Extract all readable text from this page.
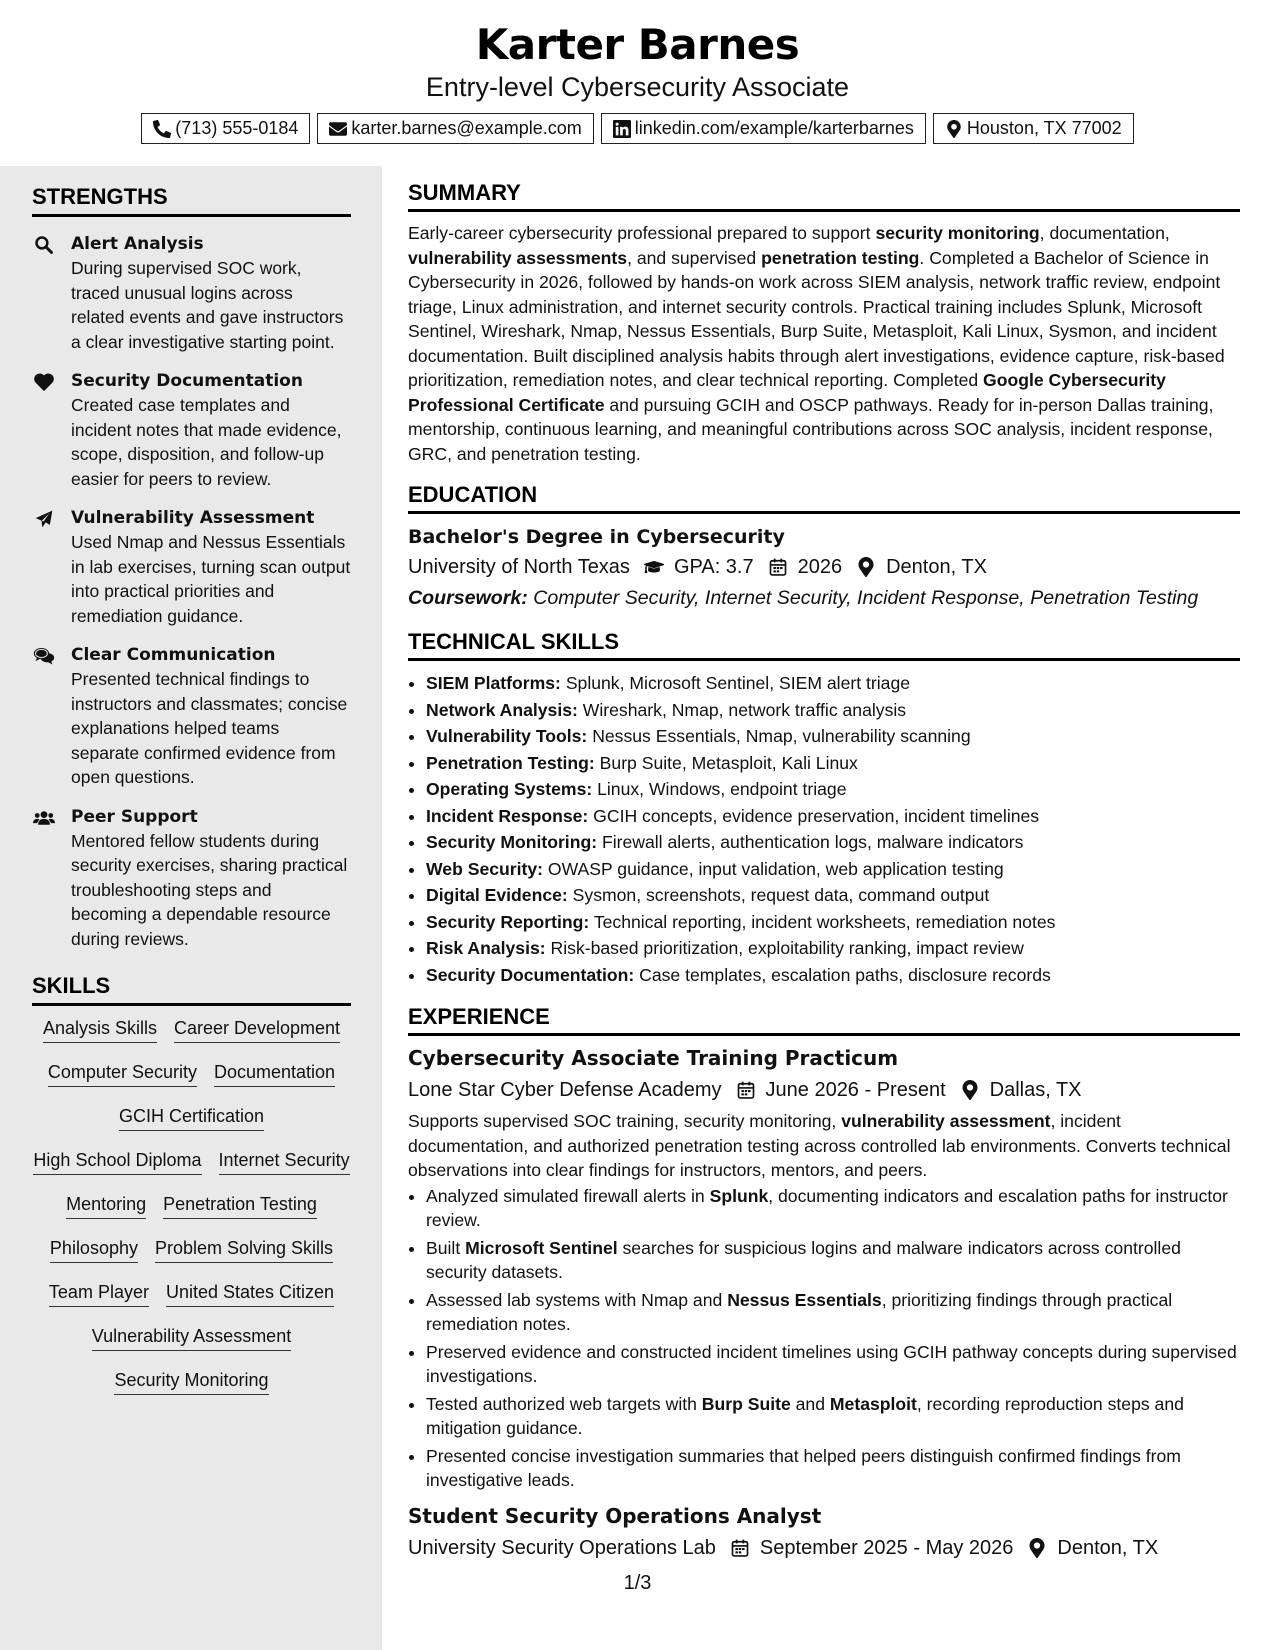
Karter Barnes
Entry-level Cybersecurity Associate
(713) 555-0184	karter.barnes@example.com	linkedin.com/example/karterbarnes	Houston, TX 77002
STRENGTHS
Alert Analysis
During supervised SOC work, traced unusual logins across related events and gave instructors a clear investigative starting point.
Security Documentation
Created case templates and incident notes that made evidence, scope, disposition, and follow-up easier for peers to review.
Vulnerability Assessment
Used Nmap and Nessus Essentials in lab exercises, turning scan output into practical priorities and remediation guidance.
Clear Communication
Presented technical findings to instructors and classmates; concise explanations helped teams separate confirmed evidence from open questions.
Peer Support
Mentored fellow students during security exercises, sharing practical troubleshooting steps and becoming a dependable resource during reviews.
SKILLS
Analysis Skills Career Development
Computer Security Documentation
GCIH Certification
High School Diploma Internet Security
Mentoring Penetration Testing
Philosophy Problem Solving Skills
Team Player United States Citizen
Vulnerability Assessment
Security Monitoring
SUMMARY
Early-career cybersecurity professional prepared to support security monitoring, documentation, vulnerability assessments, and supervised penetration testing. Completed a Bachelor of Science in Cybersecurity in 2026, followed by hands-on work across SIEM analysis, network traffic review, endpoint triage, Linux administration, and internet security controls. Practical training includes Splunk, Microsoft Sentinel, Wireshark, Nmap, Nessus Essentials, Burp Suite, Metasploit, Kali Linux, Sysmon, and incident documentation. Built disciplined analysis habits through alert investigations, evidence capture, risk-based prioritization, remediation notes, and clear technical reporting. Completed Google Cybersecurity Professional Certificate and pursuing GCIH and OSCP pathways. Ready for in-person Dallas training, mentorship, continuous learning, and meaningful contributions across SOC analysis, incident response, GRC, and penetration testing.
EDUCATION
Bachelor's Degree in Cybersecurity
University of North Texas GPA: 3.7 2026 Denton, TX
Coursework: Computer Security, Internet Security, Incident Response, Penetration Testing
TECHNICAL SKILLS
• SIEM Platforms: Splunk, Microsoft Sentinel, SIEM alert triage
• Network Analysis: Wireshark, Nmap, network traffic analysis
• Vulnerability Tools: Nessus Essentials, Nmap, vulnerability scanning
• Penetration Testing: Burp Suite, Metasploit, Kali Linux
• Operating Systems: Linux, Windows, endpoint triage
• Incident Response: GCIH concepts, evidence preservation, incident timelines
• Security Monitoring: Firewall alerts, authentication logs, malware indicators
• Web Security: OWASP guidance, input validation, web application testing
• Digital Evidence: Sysmon, screenshots, request data, command output
• Security Reporting: Technical reporting, incident worksheets, remediation notes
• Risk Analysis: Risk-based prioritization, exploitability ranking, impact review
• Security Documentation: Case templates, escalation paths, disclosure records
EXPERIENCE
Cybersecurity Associate Training Practicum
Lone Star Cyber Defense Academy June 2026 - Present Dallas, TX
Supports supervised SOC training, security monitoring, vulnerability assessment, incident documentation, and authorized penetration testing across controlled lab environments. Converts technical observations into clear findings for instructors, mentors, and peers.
• Analyzed simulated firewall alerts in Splunk, documenting indicators and escalation paths for instructor review.
• Built Microsoft Sentinel searches for suspicious logins and malware indicators across controlled security datasets.
• Assessed lab systems with Nmap and Nessus Essentials, prioritizing findings through practical remediation notes.
• Preserved evidence and constructed incident timelines using GCIH pathway concepts during supervised investigations.
• Tested authorized web targets with Burp Suite and Metasploit, recording reproduction steps and mitigation guidance.
• Presented concise investigation summaries that helped peers distinguish confirmed findings from investigative leads.
Student Security Operations Analyst
University Security Operations Lab September 2025 - May 2026 Denton, TX
1/3
